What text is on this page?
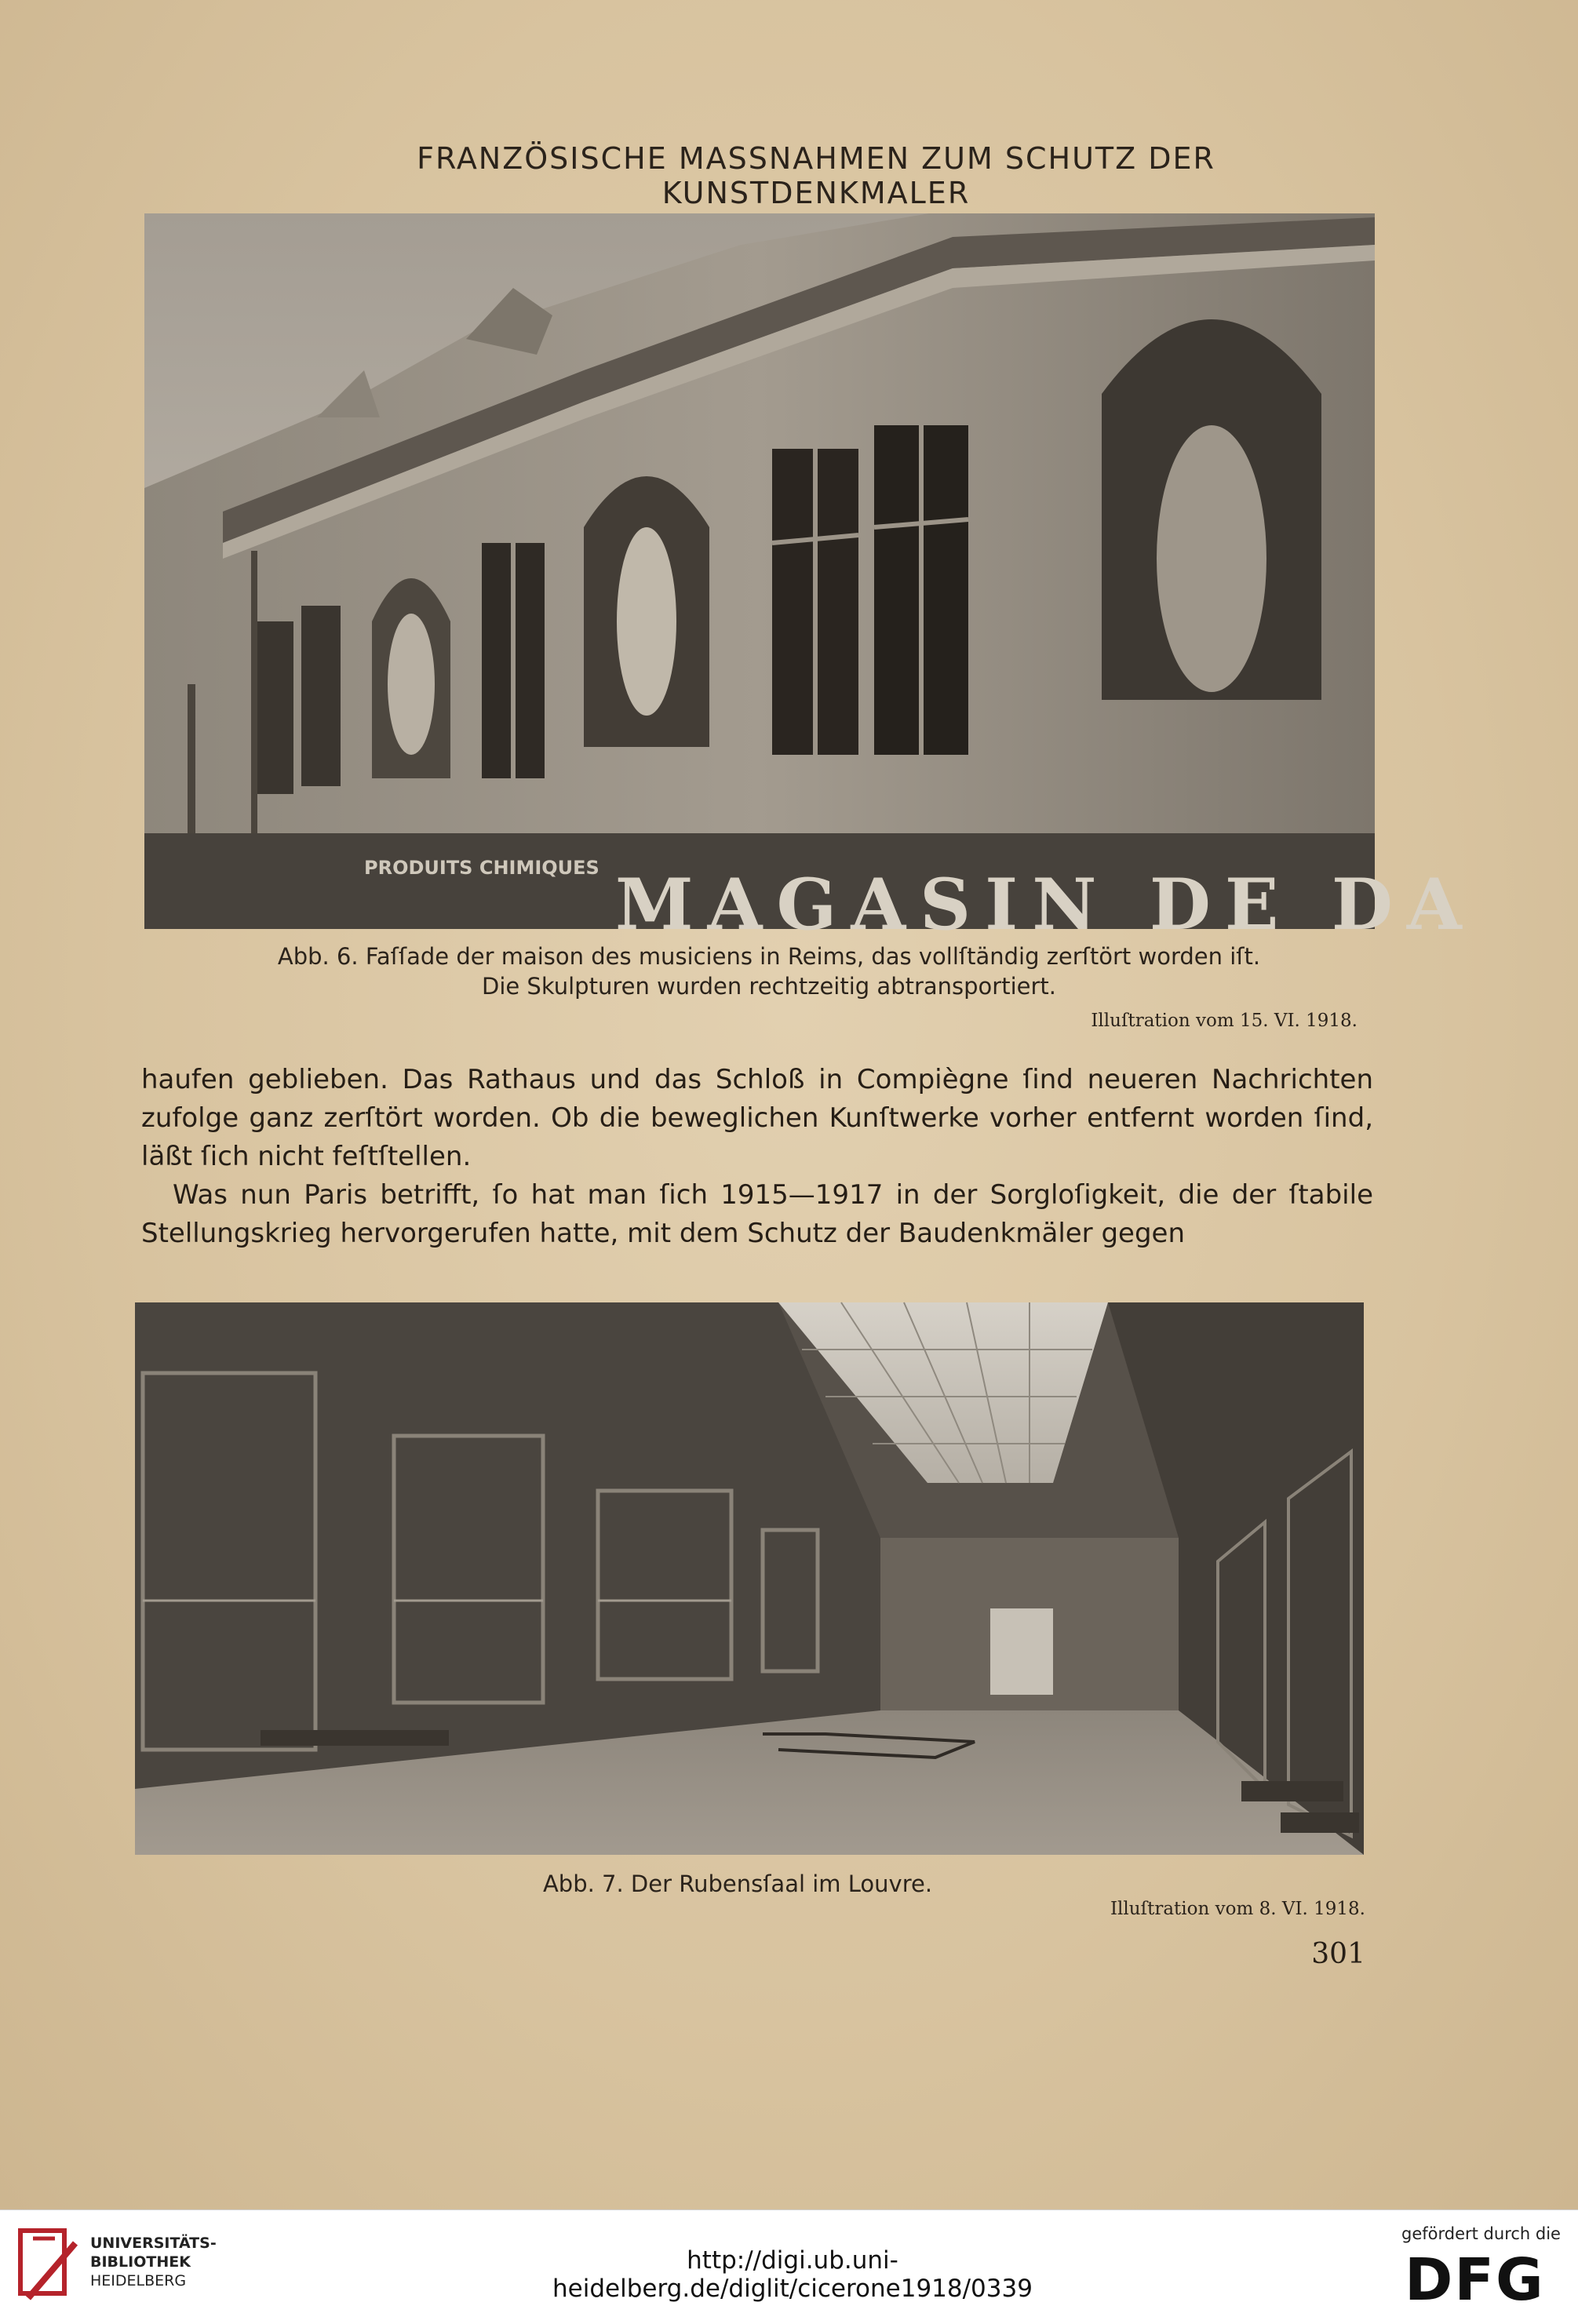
FRANZÖSISCHE MASSNAHMEN ZUM SCHUTZ DER KUNSTDENKMALER
PRODUITS CHIMIQUES MAGASIN DE DA
Abb. 6. Faſſade der maison des musiciens in Reims, das vollſtändig zerſtört worden iſt.
Die Skulpturen wurden rechtzeitig abtransportiert.
Illuſtration vom 15. VI. 1918.

haufen geblieben. Das Rathaus und das Schloß in Compiègne ſind neueren Nachrichten zufolge ganz zerſtört worden. Ob die beweglichen Kunſtwerke vorher entfernt worden ſind, läßt ſich nicht feſtſtellen.

Was nun Paris betrifft, ſo hat man ſich 1915—1917 in der Sorgloſigkeit, die der ſtabile Stellungskrieg hervorgerufen hatte, mit dem Schutz der Baudenkmäler gegen

Abb. 7. Der Rubensſaal im Louvre.
Illuſtration vom 8. VI. 1918.
301
UNIVERSITÄTS-
BIBLIOTHEK
HEIDELBERG
http://digi.ub.uni-heidelberg.de/diglit/cicerone1918/0339
gefördert durch die
DFG
